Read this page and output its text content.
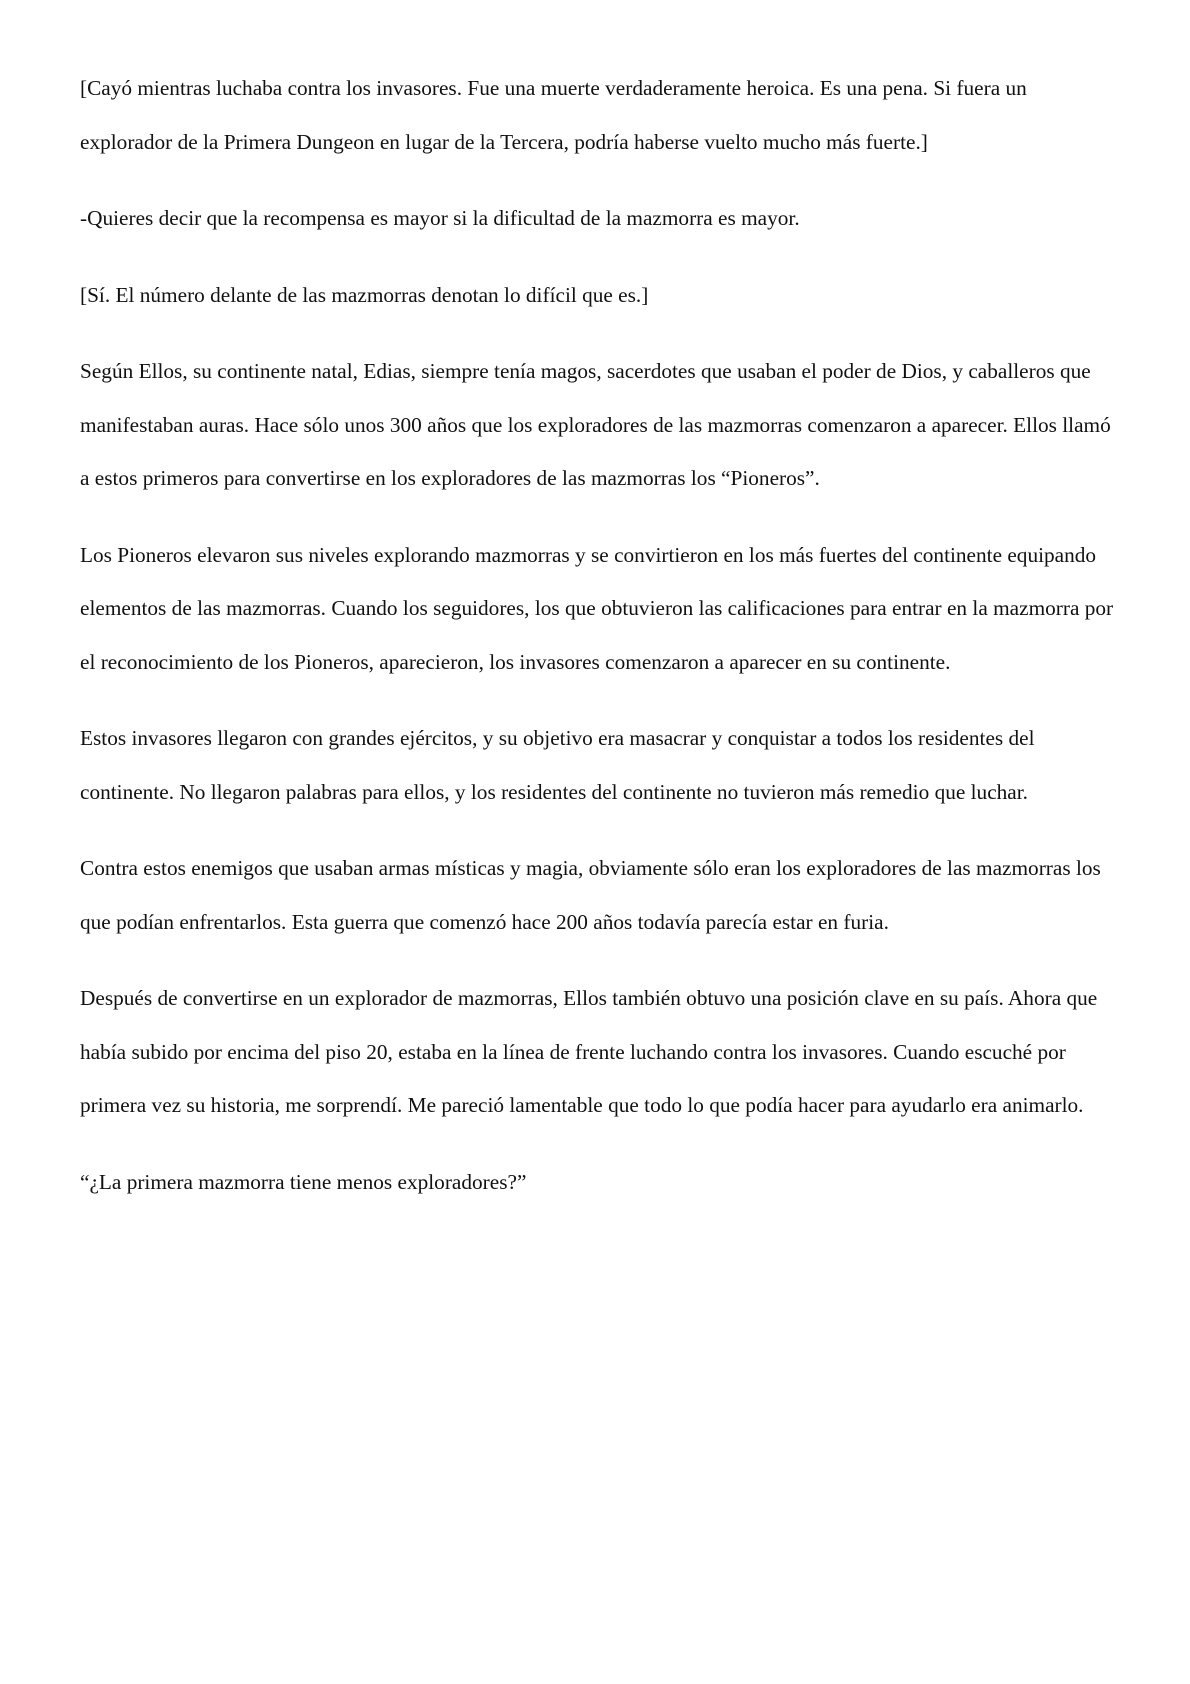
[Cayó mientras luchaba contra los invasores. Fue una muerte verdaderamente heroica. Es una pena. Si fuera un explorador de la Primera Dungeon en lugar de la Tercera, podría haberse vuelto mucho más fuerte.]

-Quieres decir que la recompensa es mayor si la dificultad de la mazmorra es mayor.

[Sí. El número delante de las mazmorras denotan lo difícil que es.]

Según Ellos, su continente natal, Edias, siempre tenía magos, sacerdotes que usaban el poder de Dios, y caballeros que manifestaban auras. Hace sólo unos 300 años que los exploradores de las mazmorras comenzaron a aparecer. Ellos llamó a estos primeros para convertirse en los exploradores de las mazmorras los “Pioneros”.

Los Pioneros elevaron sus niveles explorando mazmorras y se convirtieron en los más fuertes del continente equipando elementos de las mazmorras. Cuando los seguidores, los que obtuvieron las calificaciones para entrar en la mazmorra por el reconocimiento de los Pioneros, aparecieron, los invasores comenzaron a aparecer en su continente.

Estos invasores llegaron con grandes ejércitos, y su objetivo era masacrar y conquistar a todos los residentes del continente. No llegaron palabras para ellos, y los residentes del continente no tuvieron más remedio que luchar.

Contra estos enemigos que usaban armas místicas y magia, obviamente sólo eran los exploradores de las mazmorras los que podían enfrentarlos. Esta guerra que comenzó hace 200 años todavía parecía estar en furia.

Después de convertirse en un explorador de mazmorras, Ellos también obtuvo una posición clave en su país. Ahora que había subido por encima del piso 20, estaba en la línea de frente luchando contra los invasores. Cuando escuché por primera vez su historia, me sorprendí. Me pareció lamentable que todo lo que podía hacer para ayudarlo era animarlo.

“¿La primera mazmorra tiene menos exploradores?”
